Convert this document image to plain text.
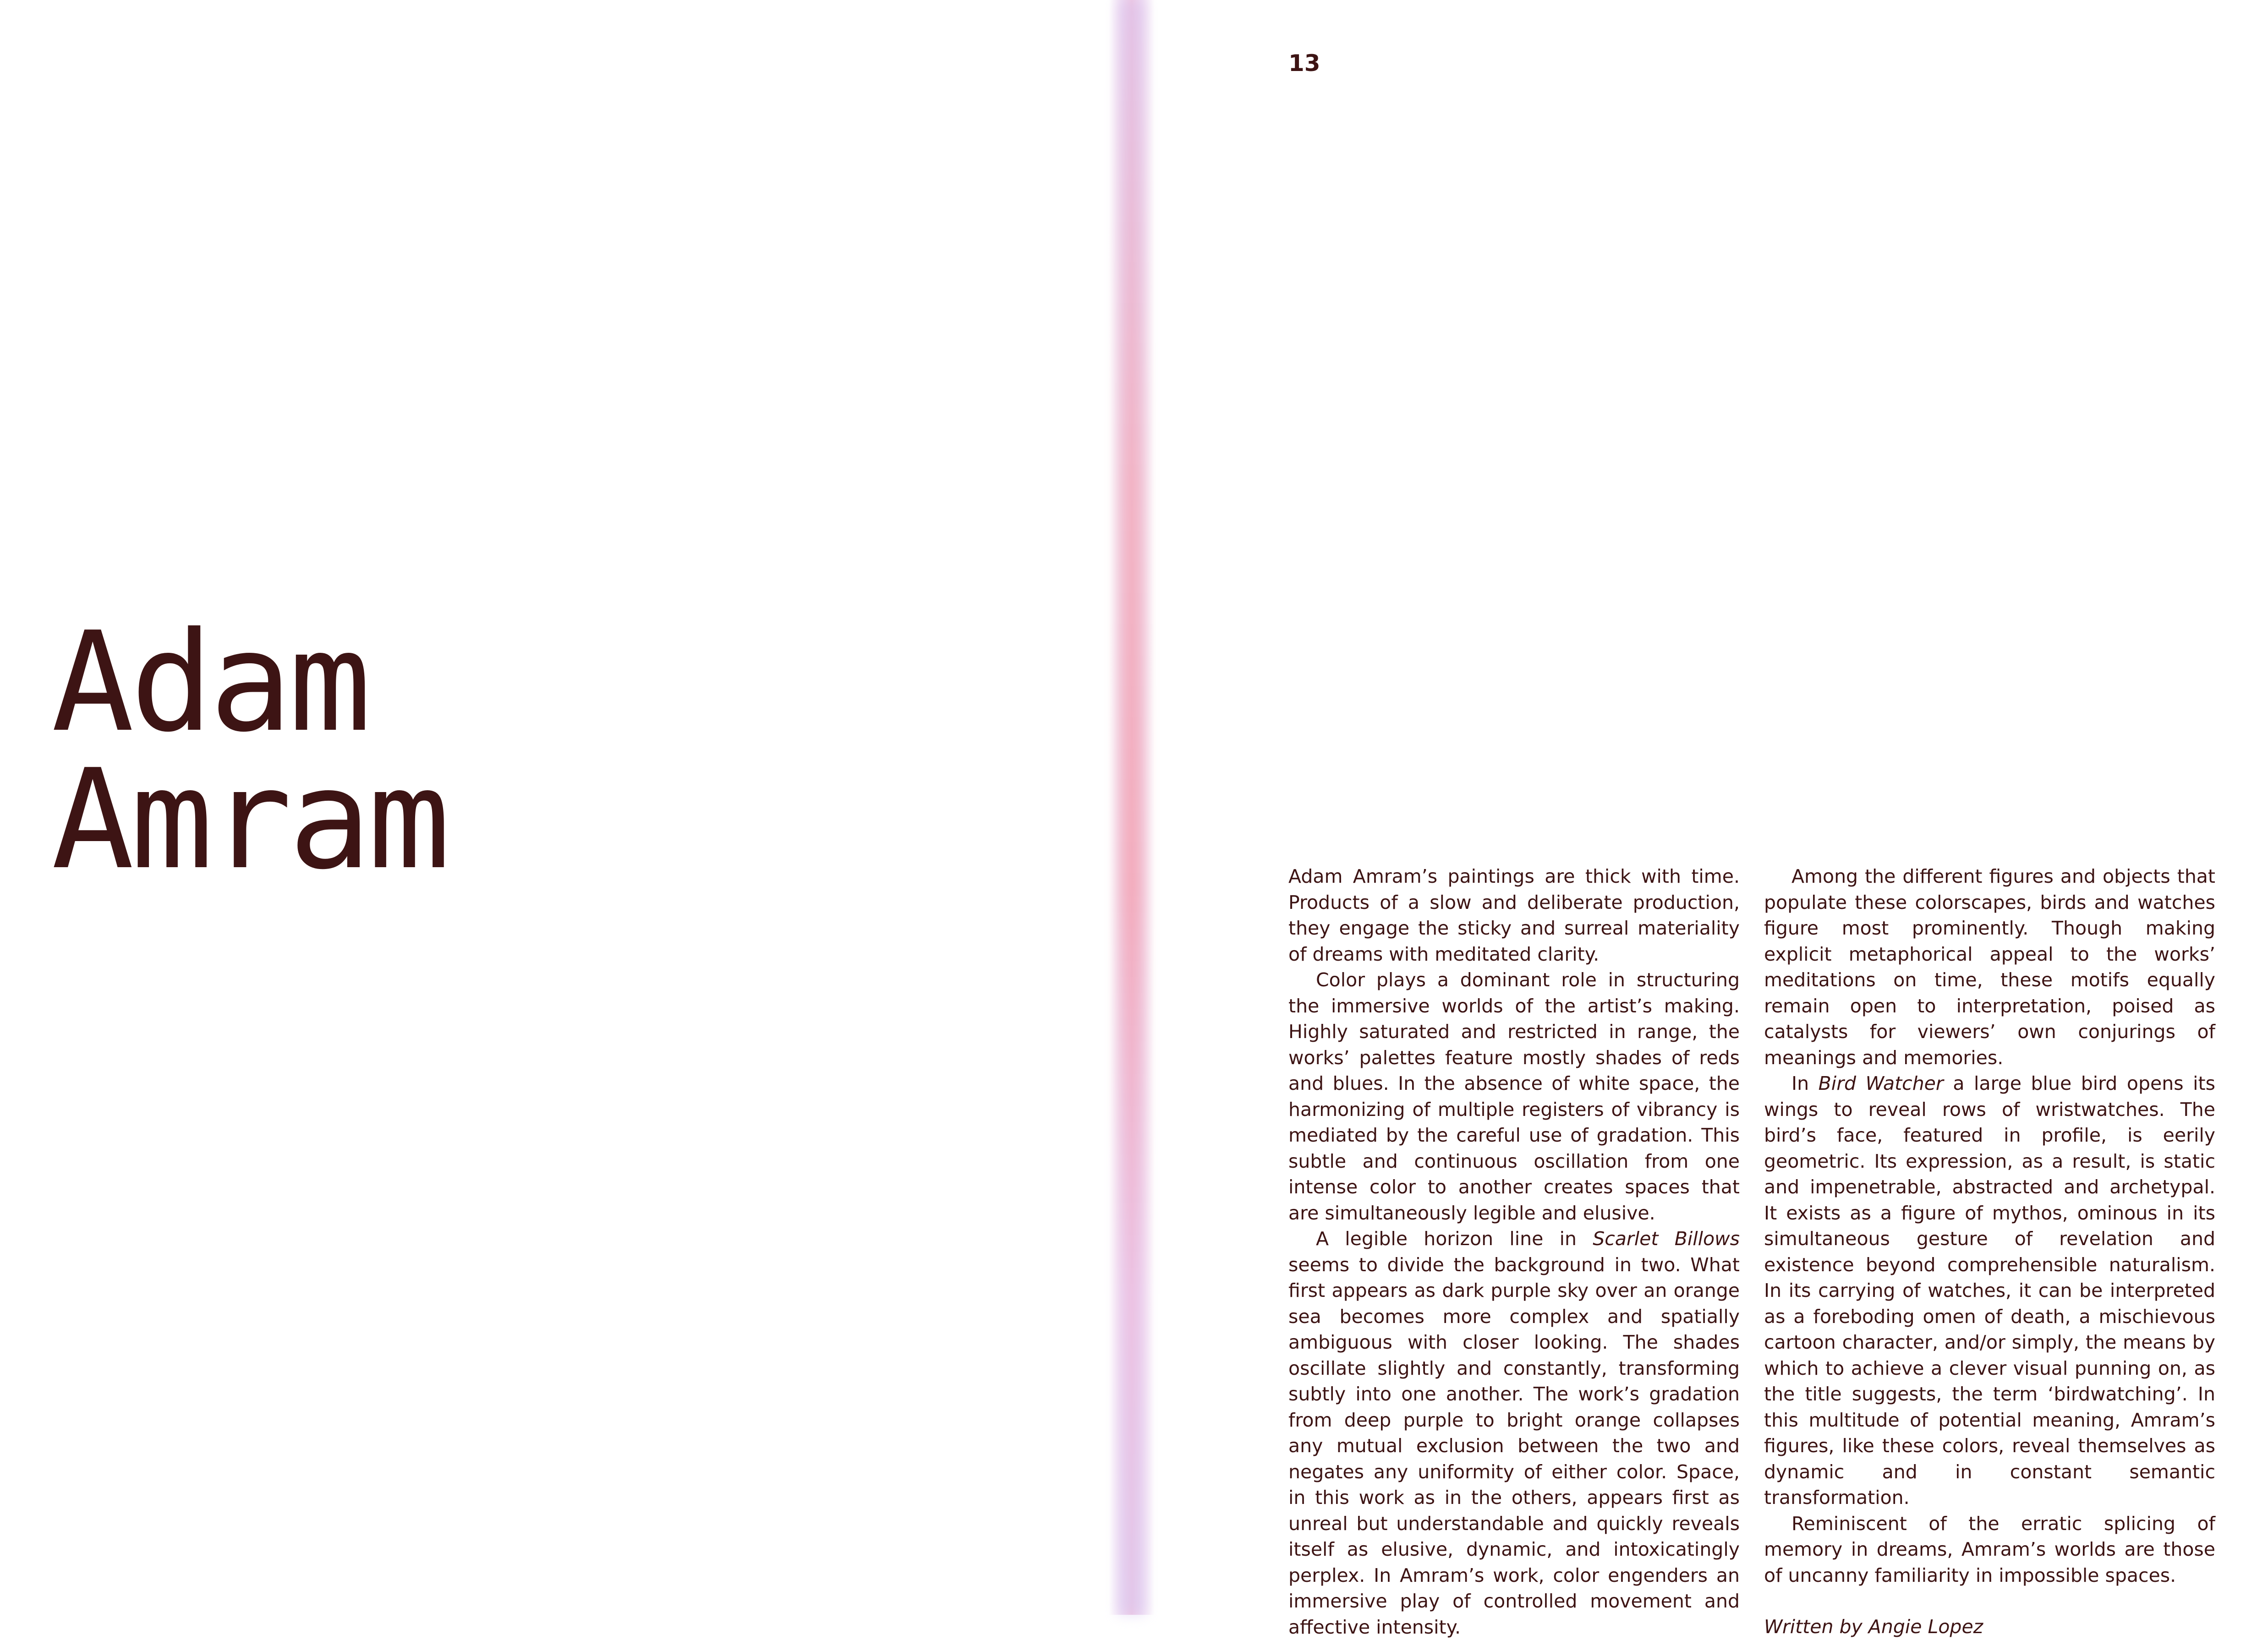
Adam
Amram
13

Adam Amram’s paintings are thick with time. Products of a slow and deliberate production, they engage the sticky and surreal materiality of dreams with meditated clarity.

Color plays a dominant role in structuring the immersive worlds of the artist’s making. Highly saturated and restricted in range, the works’ palettes feature mostly shades of reds and blues. In the absence of white space, the harmonizing of multiple registers of vibrancy is mediated by the careful use of gradation. This subtle and continuous oscillation from one intense color to another creates spaces that are simultaneously legible and elusive.

A legible horizon line in Scarlet Billows seems to divide the background in two. What first appears as dark purple sky over an orange sea becomes more complex and spatially ambiguous with closer looking. The shades oscillate slightly and constantly, transforming subtly into one another. The work’s gradation from deep purple to bright orange collapses any mutual exclusion between the two and negates any uniformity of either color. Space, in this work as in the others, appears first as unreal but understandable and quickly reveals itself as elusive, dynamic, and intoxicatingly perplex. In Amram’s work, color engenders an immersive play of controlled movement and affective intensity.

Among the different figures and objects that populate these colorscapes, birds and watches figure most prominently. Though making explicit metaphorical appeal to the works’ meditations on time, these motifs equally remain open to interpretation, poised as catalysts for viewers’ own conjurings of meanings and memories.

In Bird Watcher a large blue bird opens its wings to reveal rows of wristwatches. The bird’s face, featured in profile, is eerily geometric. Its expression, as a result, is static and impenetrable, abstracted and archetypal. It exists as a figure of mythos, ominous in its simultaneous gesture of revelation and existence beyond comprehensible naturalism. In its carrying of watches, it can be interpreted as a foreboding omen of death, a mischievous cartoon character, and/or simply, the means by which to achieve a clever visual punning on, as the title suggests, the term ‘birdwatching’. In this multitude of potential meaning, Amram’s figures, like these colors, reveal themselves as dynamic and in constant semantic transformation.

Reminiscent of the erratic splicing of memory in dreams, Amram’s worlds are those of uncanny familiarity in impossible spaces.

Written by Angie Lopez
